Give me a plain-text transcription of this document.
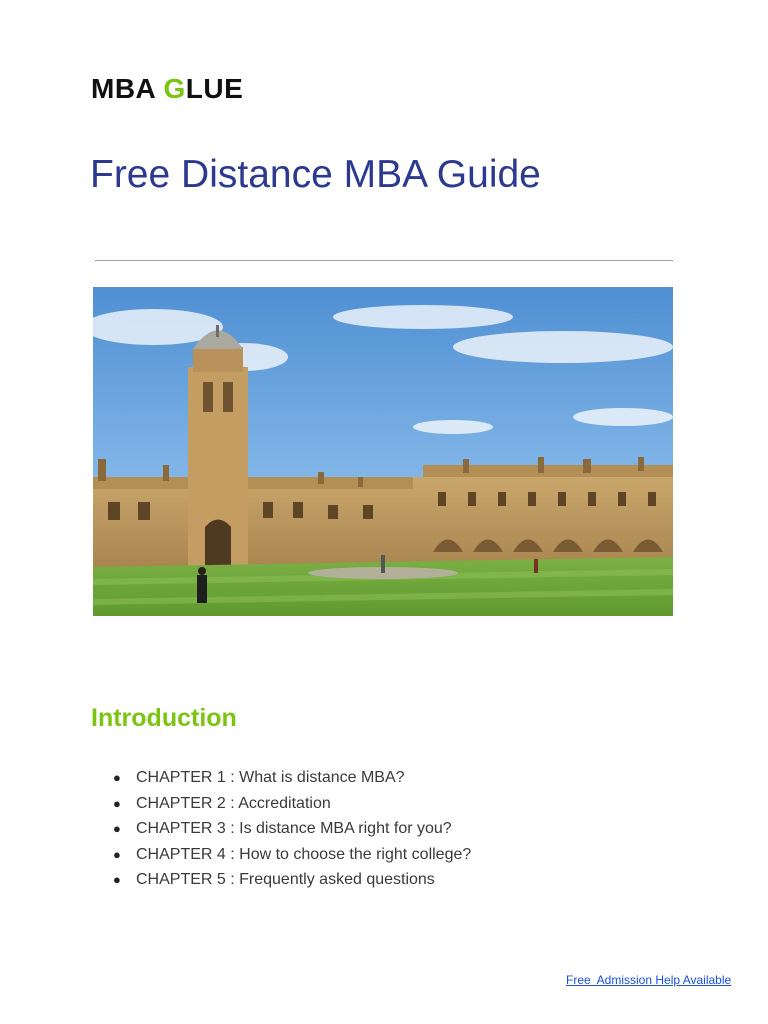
MBA GLUE
Free Distance MBA Guide
Introduction
● CHAPTER 1 : What is distance MBA?
● CHAPTER 2 : Accreditation
● CHAPTER 3 : Is distance MBA right for you?
● CHAPTER 4 : How to choose the right college?
● CHAPTER 5 : Frequently asked questions
Free  Admission Help Available
